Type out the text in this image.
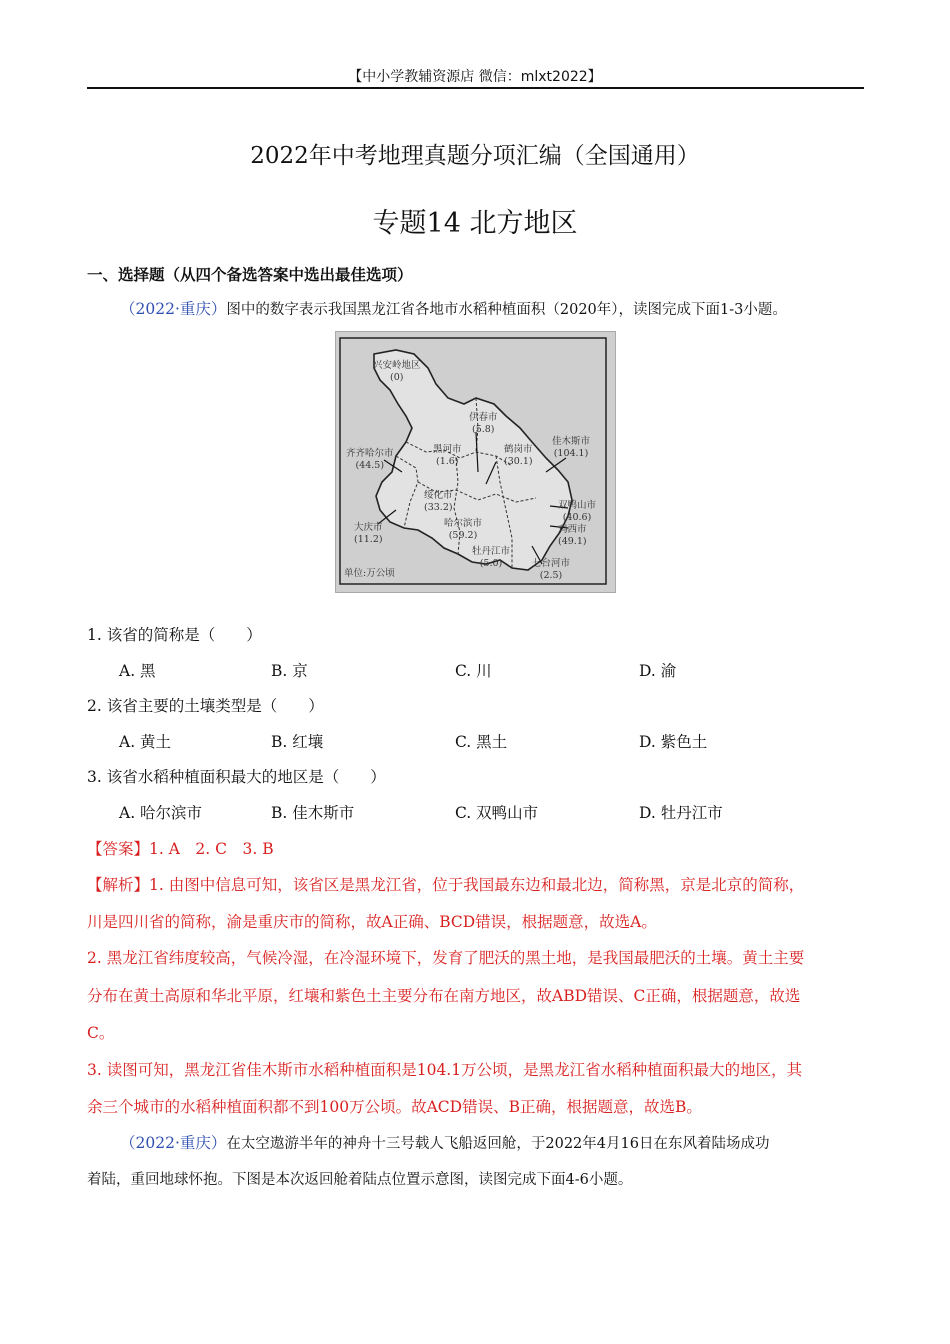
【中小学教辅资源店 微信：mlxt2022】
2022年中考地理真题分项汇编（全国通用）
专题14 北方地区
一、选择题（从四个备选答案中选出最佳选项）
（2022·重庆）图中的数字表示我国黑龙江省各地市水稻种植面积（2020年），读图完成下面1-3小题。
兴安岭地区
(0)
伊春市
(5.8)
齐齐哈尔市
(44.5)
黑河市
(1.6)
鹤岗市
(30.1)
佳木斯市
(104.1)
绥化市
(33.2)	双鸭山市
(40.6)
大庆市
(11.2)
哈尔滨市
(59.2)
鸡西市
(49.1)
牡丹江市
(5.0)	七台河市
(2.5)
单位:万公顷
1. 该省的简称是（　　）
A. 黑	B. 京	C. 川	D. 渝
2. 该省主要的土壤类型是（　　）
A. 黄土	B. 红壤	C. 黑土	D. 紫色土
3. 该省水稻种植面积最大的地区是（　　）
A. 哈尔滨市	B. 佳木斯市	C. 双鸭山市	D. 牡丹江市
【答案】1. A　2. C　3. B
【解析】1. 由图中信息可知，该省区是黑龙江省，位于我国最东边和最北边，简称黑，京是北京的简称，
川是四川省的简称，渝是重庆市的简称，故A正确、BCD错误，根据题意，故选A。
2. 黑龙江省纬度较高，气候冷湿，在冷湿环境下，发育了肥沃的黑土地，是我国最肥沃的土壤。黄土主要
分布在黄土高原和华北平原，红壤和紫色土主要分布在南方地区，故ABD错误、C正确，根据题意，故选
C。
3. 读图可知，黑龙江省佳木斯市水稻种植面积是104.1万公顷，是黑龙江省水稻种植面积最大的地区，其
余三个城市的水稻种植面积都不到100万公顷。故ACD错误、B正确，根据题意，故选B。
（2022·重庆）在太空遨游半年的神舟十三号载人飞船返回舱，于2022年4月16日在东风着陆场成功
着陆，重回地球怀抱。下图是本次返回舱着陆点位置示意图，读图完成下面4-6小题。
